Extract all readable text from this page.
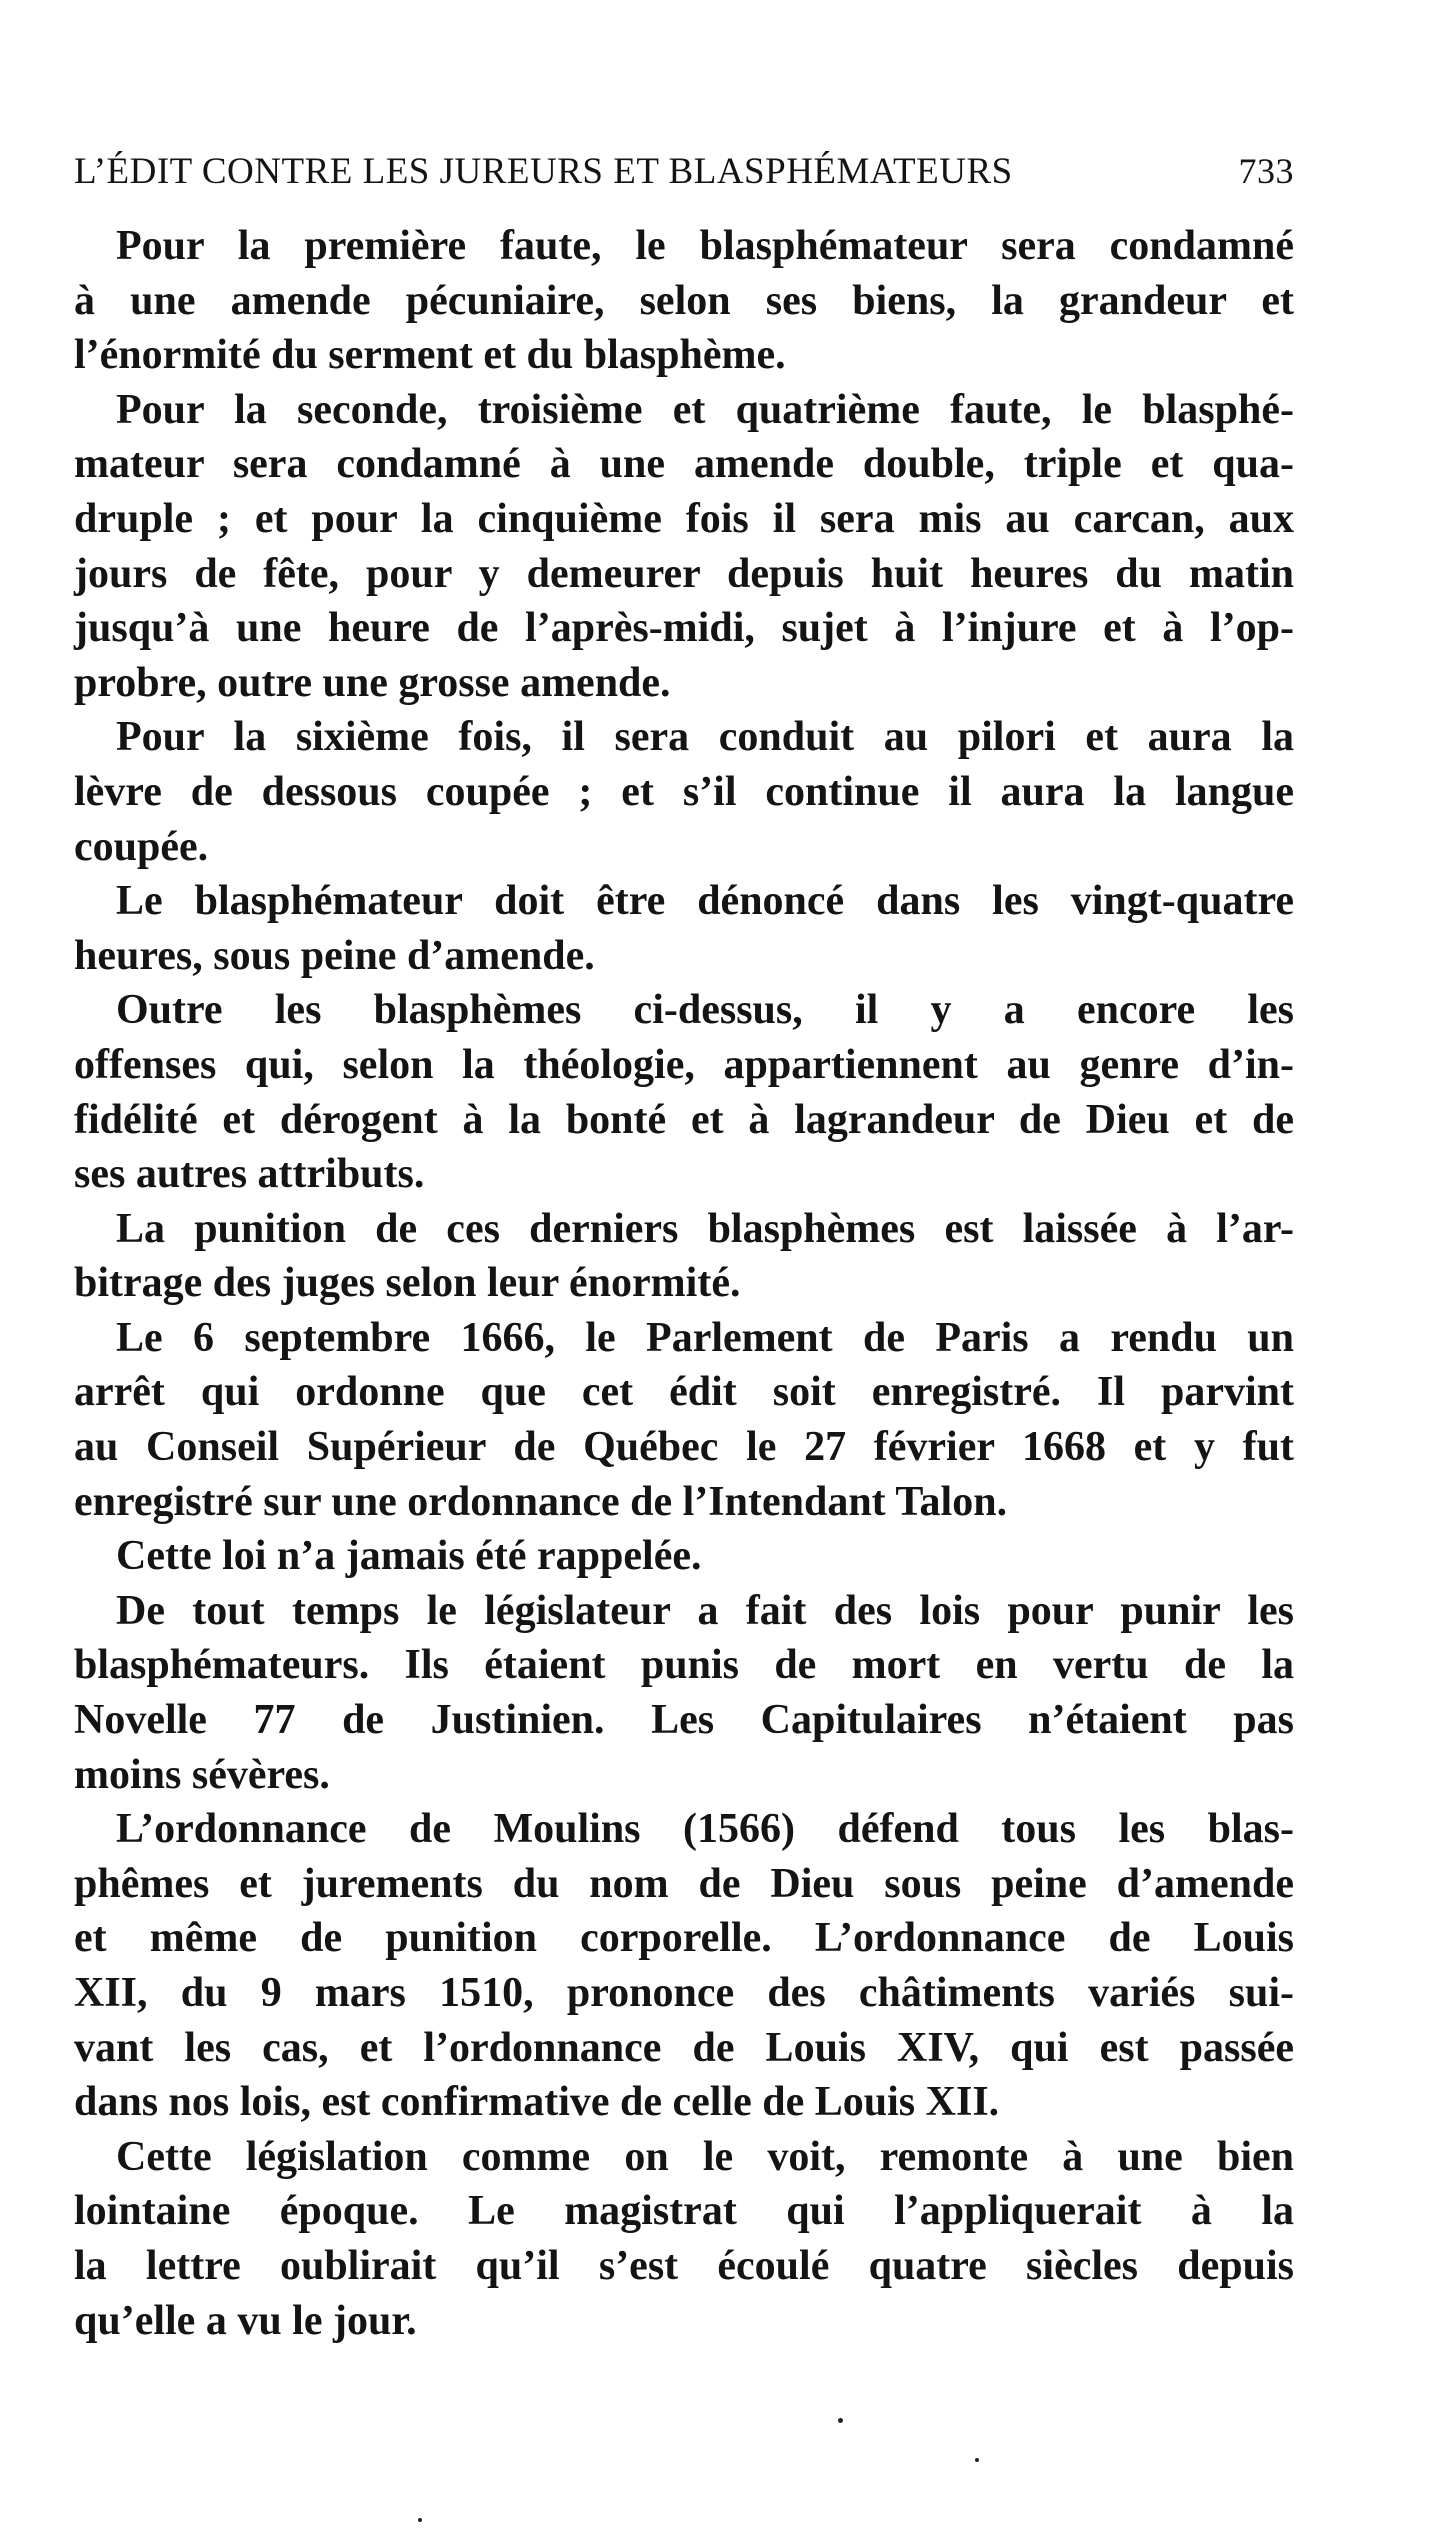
L’ÉDIT CONTRE LES JUREURS ET BLASPHÉMATEURS	733
Pour la première faute, le blasphémateur sera condamné
à une amende pécuniaire, selon ses biens, la grandeur et
l’énormité du serment et du blasphème.
Pour la seconde, troisième et quatrième faute, le blasphé-
mateur sera condamné à une amende double, triple et qua-
druple ; et pour la cinquième fois il sera mis au carcan, aux
jours de fête, pour y demeurer depuis huit heures du matin
jusqu’à une heure de l’après-midi, sujet à l’injure et à l’op-
probre, outre une grosse amende.
Pour la sixième fois, il sera conduit au pilori et aura la
lèvre de dessous coupée ; et s’il continue il aura la langue
coupée.
Le blasphémateur doit être dénoncé dans les vingt-quatre
heures, sous peine d’amende.
Outre les blasphèmes ci-dessus, il y a encore les
offenses qui, selon la théologie, appartiennent au genre d’in-
fidélité et dérogent à la bonté et à lagrandeur de Dieu et de
ses autres attributs.
La punition de ces derniers blasphèmes est laissée à l’ar-
bitrage des juges selon leur énormité.
Le 6 septembre 1666, le Parlement de Paris a rendu un
arrêt qui ordonne que cet édit soit enregistré. Il parvint
au Conseil Supérieur de Québec le 27 février 1668 et y fut
enregistré sur une ordonnance de l’Intendant Talon.
Cette loi n’a jamais été rappelée.
De tout temps le législateur a fait des lois pour punir les
blasphémateurs. Ils étaient punis de mort en vertu de la
Novelle 77 de Justinien. Les Capitulaires n’étaient pas
moins sévères.
L’ordonnance de Moulins (1566) défend tous les blas-
phêmes et jurements du nom de Dieu sous peine d’amende
et même de punition corporelle. L’ordonnance de Louis
XII, du 9 mars 1510, prononce des châtiments variés sui-
vant les cas, et l’ordonnance de Louis XIV, qui est passée
dans nos lois, est confirmative de celle de Louis XII.
Cette législation comme on le voit, remonte à une bien
lointaine époque. Le magistrat qui l’appliquerait à la
la lettre oublirait qu’il s’est écoulé quatre siècles depuis
qu’elle a vu le jour.
